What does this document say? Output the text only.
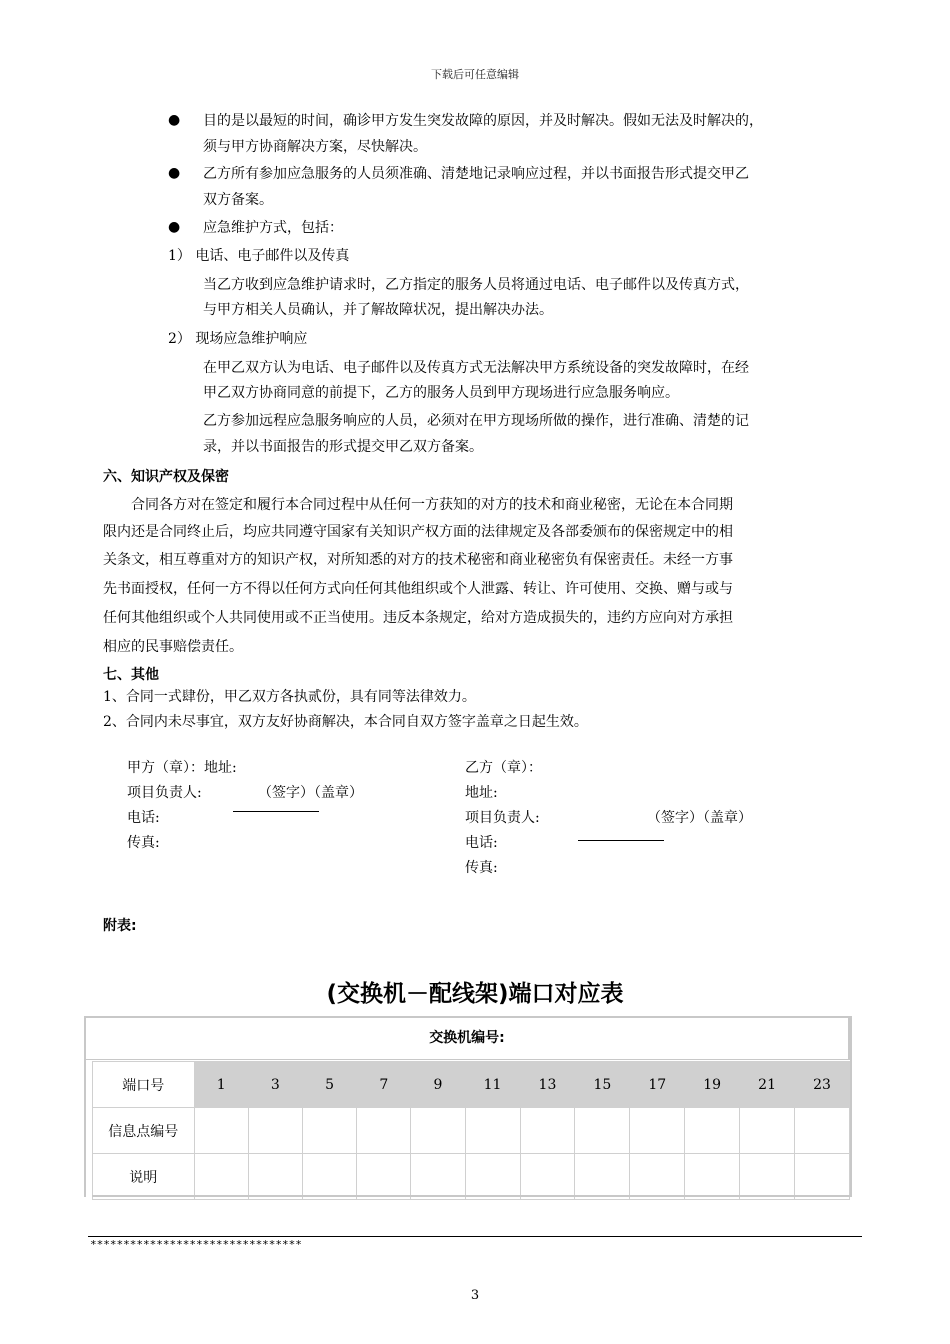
下载后可任意编辑
● 目的是以最短的时间，确诊甲方发生突发故障的原因，并及时解决。假如无法及时解决的，
须与甲方协商解决方案，尽快解决。
● 乙方所有参加应急服务的人员须准确、清楚地记录响应过程，并以书面报告形式提交甲乙
双方备案。
● 应急维护方式，包括：
1） 电话、电子邮件以及传真
当乙方收到应急维护请求时，乙方指定的服务人员将通过电话、电子邮件以及传真方式，
与甲方相关人员确认，并了解故障状况，提出解决办法。
2） 现场应急维护响应
在甲乙双方认为电话、电子邮件以及传真方式无法解决甲方系统设备的突发故障时，在经
甲乙双方协商同意的前提下，乙方的服务人员到甲方现场进行应急服务响应。
乙方参加远程应急服务响应的人员，必须对在甲方现场所做的操作，进行准确、清楚的记
录，并以书面报告的形式提交甲乙双方备案。
六、知识产权及保密
合同各方对在签定和履行本合同过程中从任何一方获知的对方的技术和商业秘密，无论在本合同期
限内还是合同终止后，均应共同遵守国家有关知识产权方面的法律规定及各部委颁布的保密规定中的相
关条文，相互尊重对方的知识产权，对所知悉的对方的技术秘密和商业秘密负有保密责任。未经一方事
先书面授权，任何一方不得以任何方式向任何其他组织或个人泄露、转让、许可使用、交换、赠与或与
任何其他组织或个人共同使用或不正当使用。违反本条规定，给对方造成损失的，违约方应向对方承担
相应的民事赔偿责任。
七、其他
1、合同一式肆份，甲乙双方各执贰份，具有同等法律效力。
2、合同内未尽事宜，双方友好协商解决，本合同自双方签字盖章之日起生效。
甲方（章）：地址:
项目负责人:	（签字）（盖章）
电话:
传真:
乙方（章）：
地址:
项目负责人:	（签字）（盖章）
电话:
传真:
附表:
(交换机－配线架)端口对应表
交换机编号:
端口号	1	3	5	7	9	11	13	15	17	19	21	23
信息点编号												
说明												
********************************
3
